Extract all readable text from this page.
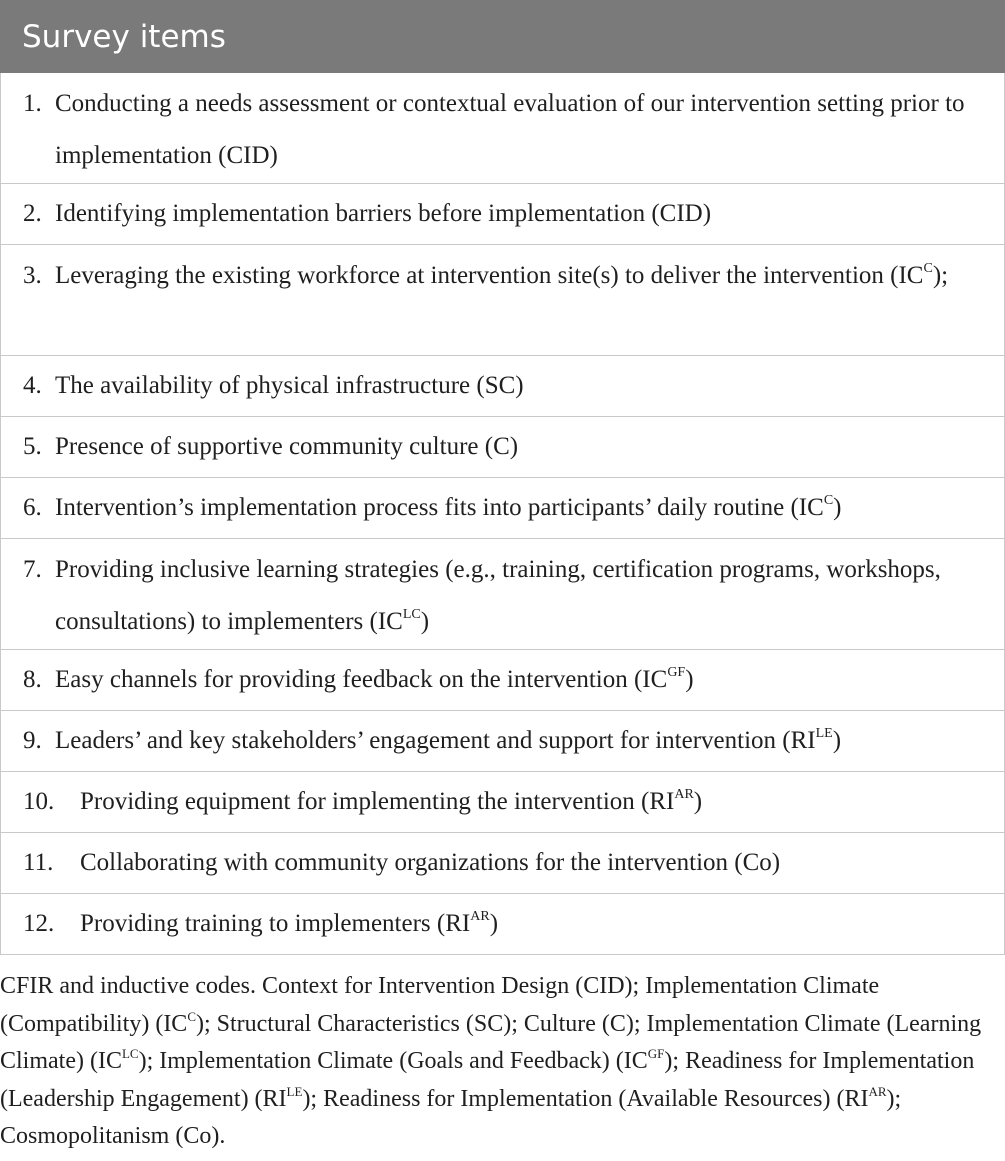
Survey items
1. Conducting a needs assessment or contextual evaluation of our intervention setting prior to implementation (CID)
2. Identifying implementation barriers before implementation (CID)
3. Leveraging the existing workforce at intervention site(s) to deliver the intervention $(IC^C)$;
4. The availability of physical infrastructure (SC)
5. Presence of supportive community culture (C)
6. Intervention’s implementation process fits into participants’ daily routine $(IC^C)$
7. Providing inclusive learning strategies (e.g., training, certification programs, workshops, consultations) to implementers $(IC^{LC})$
8. Easy channels for providing feedback on the intervention $(IC^{GF})$
9. Leaders’ and key stakeholders’ engagement and support for intervention $(RI^{LE})$
10.	Providing equipment for implementing the intervention $(RI^{AR})$
11.	Collaborating with community organizations for the intervention (Co)
12.	Providing training to implementers $(RI^{AR})$
CFIR and inductive codes. Context for Intervention Design (CID); Implementation Climate (Compatibility) $(IC^C)$; Structural Characteristics (SC); Culture (C); Implementation Climate (Learning Climate) $(IC^{LC})$; Implementation Climate (Goals and Feedback) $(IC^{GF})$; Readiness for Implementation (Leadership Engagement) $(RI^{LE})$; Readiness for Implementation (Available Resources) $(RI^{AR})$; Cosmopolitanism (Co).
